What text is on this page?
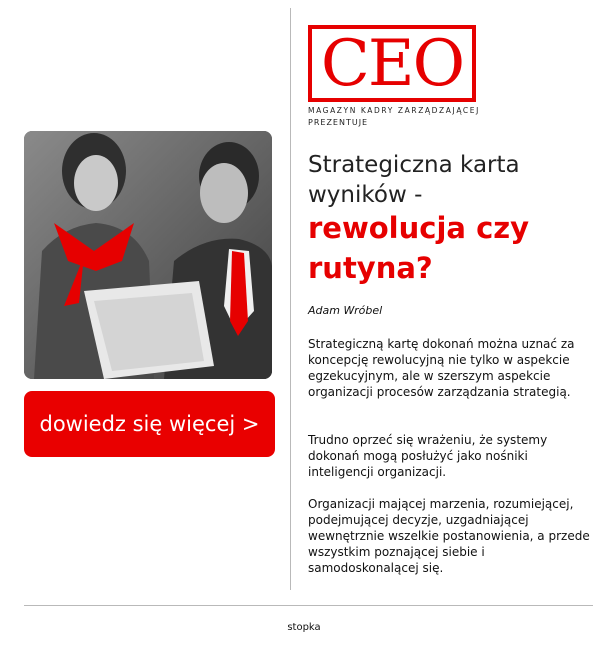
dowiedz się więcej >
CEO
MAGAZYN KADRY ZARZĄDZAJĄCEJ
PREZENTUJE
Strategiczna karta wyników -
rewolucja czy rutyna?
Adam Wróbel
Strategiczną kartę dokonań można uznać za koncepcję rewolucyjną nie tylko w aspekcie egzekucyjnym, ale w szerszym aspekcie organizacji procesów zarządzania strategią.
Trudno oprzeć się wrażeniu, że systemy dokonań mogą posłużyć jako nośniki inteligencji organizacji.
Organizacji mającej marzenia, rozumiejącej, podejmującej decyzje, uzgadniającej wewnętrznie wszelkie postanowienia, a przede wszystkim poznającej siebie i samodoskonalącej się.
stopka
